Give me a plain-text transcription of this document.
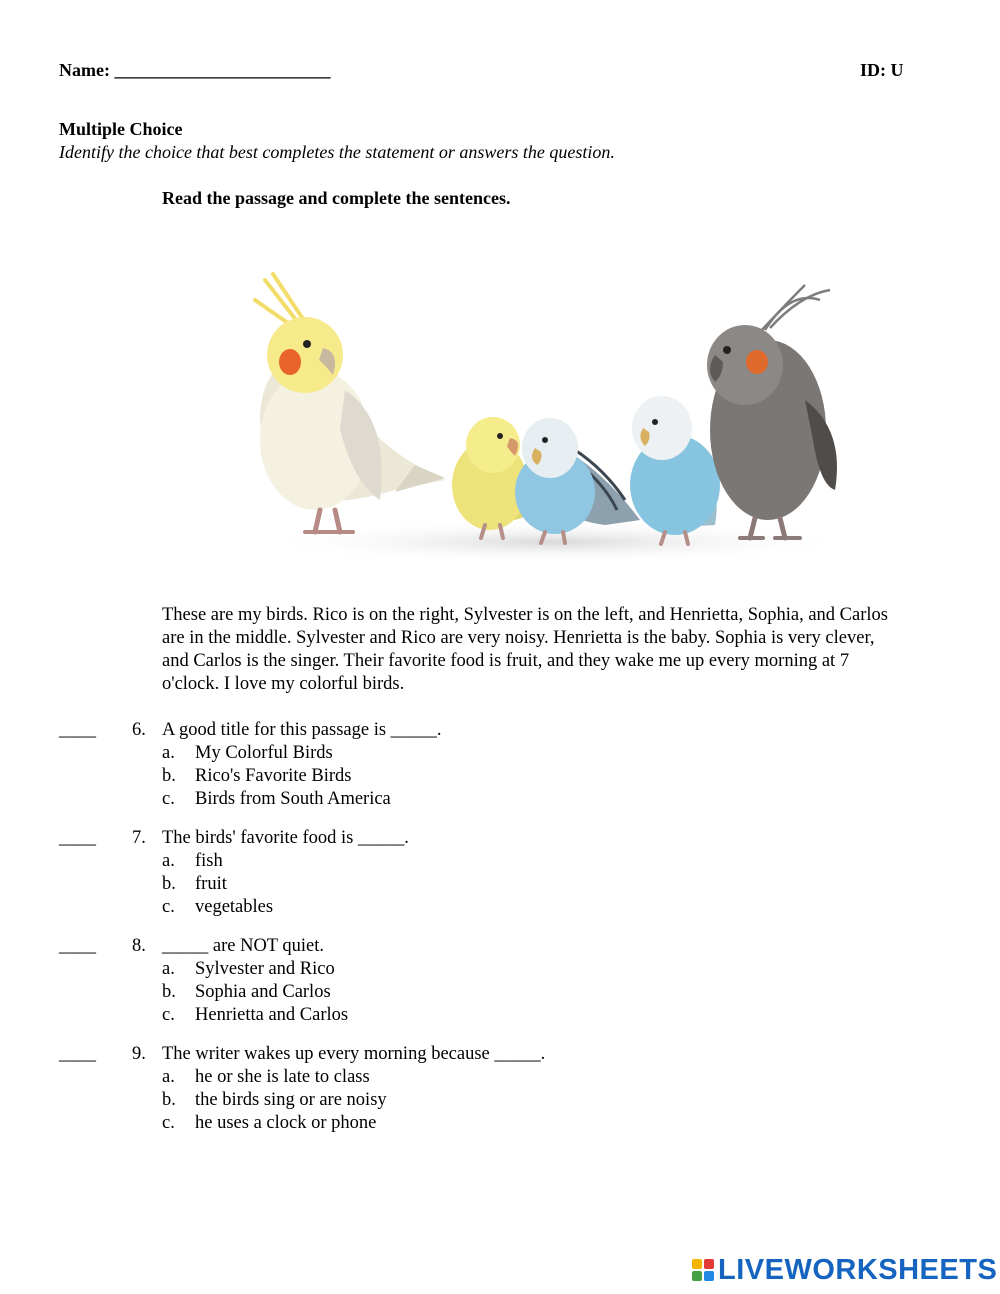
Name: ________________________	ID: U
Multiple Choice
Identify the choice that best completes the statement or answers the question.
Read the passage and complete the sentences.
These are my birds. Rico is on the right, Sylvester is on the left, and Henrietta, Sophia, and Carlos
are in the middle. Sylvester and Rico are very noisy. Henrietta is the baby. Sophia is very clever,
and Carlos is the singer. Their favorite food is fruit, and they wake me up every morning at 7
o'clock. I love my colorful birds.
____ 6. A good title for this passage is _____.
a. My Colorful Birds
b. Rico's Favorite Birds
c. Birds from South America
____ 7. The birds' favorite food is _____.
a. fish
b. fruit
c. vegetables
____ 8. _____ are NOT quiet.
a. Sylvester and Rico
b. Sophia and Carlos
c. Henrietta and Carlos
____ 9. The writer wakes up every morning because _____.
a. he or she is late to class
b. the birds sing or are noisy
c. he uses a clock or phone
LIVEWORKSHEETS
